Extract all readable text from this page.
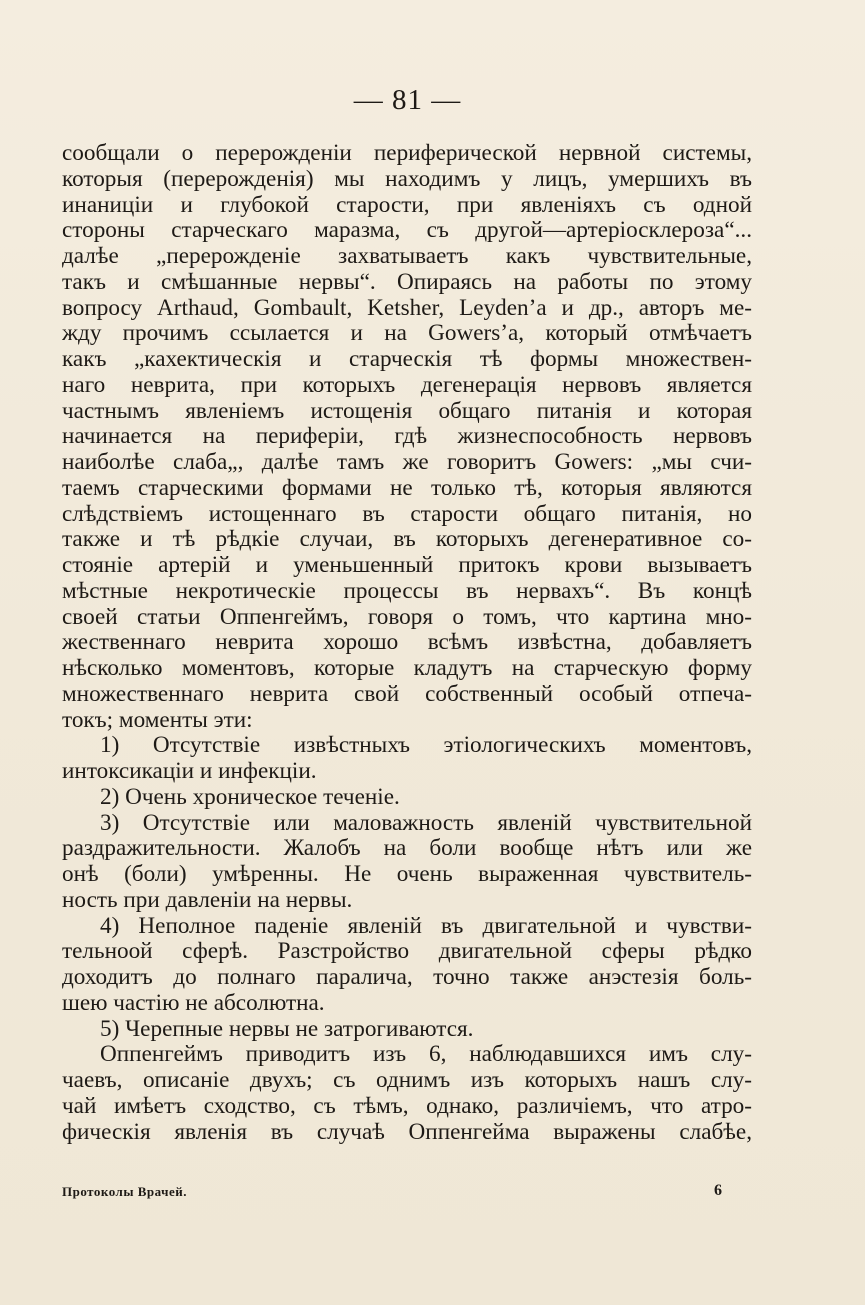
— 81 —
сообщали о перерожденіи периферической нервной системы,
которыя (перерожденія) мы находимъ у лицъ, умершихъ въ
инаниціи и глубокой старости, при явленіяхъ съ одной
стороны старческаго маразма, съ другой—артеріосклероза“...
далѣе „перерожденіе захватываетъ какъ чувствительные,
такъ и смѣшанные нервы“. Опираясь на работы по этому
вопросу Arthaud, Gombault, Ketsher, Leyden’a и др., авторъ ме-
жду прочимъ ссылается и на Gowers’a, который отмѣчаетъ
какъ „кахектическія и старческія тѣ формы множествен-
наго неврита, при которыхъ дегенерація нервовъ является
частнымъ явленіемъ истощенія общаго питанія и которая
начинается на периферіи, гдѣ жизнеспособность нервовъ
наиболѣе слаба„, далѣе тамъ же говоритъ Gowers: „мы счи-
таемъ старческими формами не только тѣ, которыя являются
слѣдствіемъ истощеннаго въ старости общаго питанія, но
также и тѣ рѣдкіе случаи, въ которыхъ дегенеративное со-
стояніе артерій и уменьшенный притокъ крови вызываетъ
мѣстные некротическіе процессы въ нервахъ“. Въ концѣ
своей статьи Оппенгеймъ, говоря о томъ, что картина мно-
жественнаго неврита хорошо всѣмъ извѣстна, добавляетъ
нѣсколько моментовъ, которые кладутъ на старческую форму
множественнаго неврита свой собственный особый отпеча-
токъ; моменты эти:
1) Отсутствіе извѣстныхъ этіологическихъ моментовъ,
интоксикаціи и инфекціи.
2) Очень хроническое теченіе.
3) Отсутствіе или маловажность явленій чувствительной
раздражительности. Жалобъ на боли вообще нѣтъ или же
онѣ (боли) умѣренны. Не очень выраженная чувствитель-
ность при давленіи на нервы.
4) Неполное паденіе явленій въ двигательной и чувстви-
тельноой сферѣ. Разстройство двигательной сферы рѣдко
доходитъ до полнаго паралича, точно также анэстезія боль-
шею частію не абсолютна.
5) Черепные нервы не затрогиваются.
Оппенгеймъ приводитъ изъ 6, наблюдавшихся имъ слу-
чаевъ, описаніе двухъ; съ однимъ изъ которыхъ нашъ слу-
чай имѣетъ сходство, съ тѣмъ, однако, различіемъ, что атро-
фическія явленія въ случаѣ Оппенгейма выражены слабѣе,
Протоколы Врачей.	6
